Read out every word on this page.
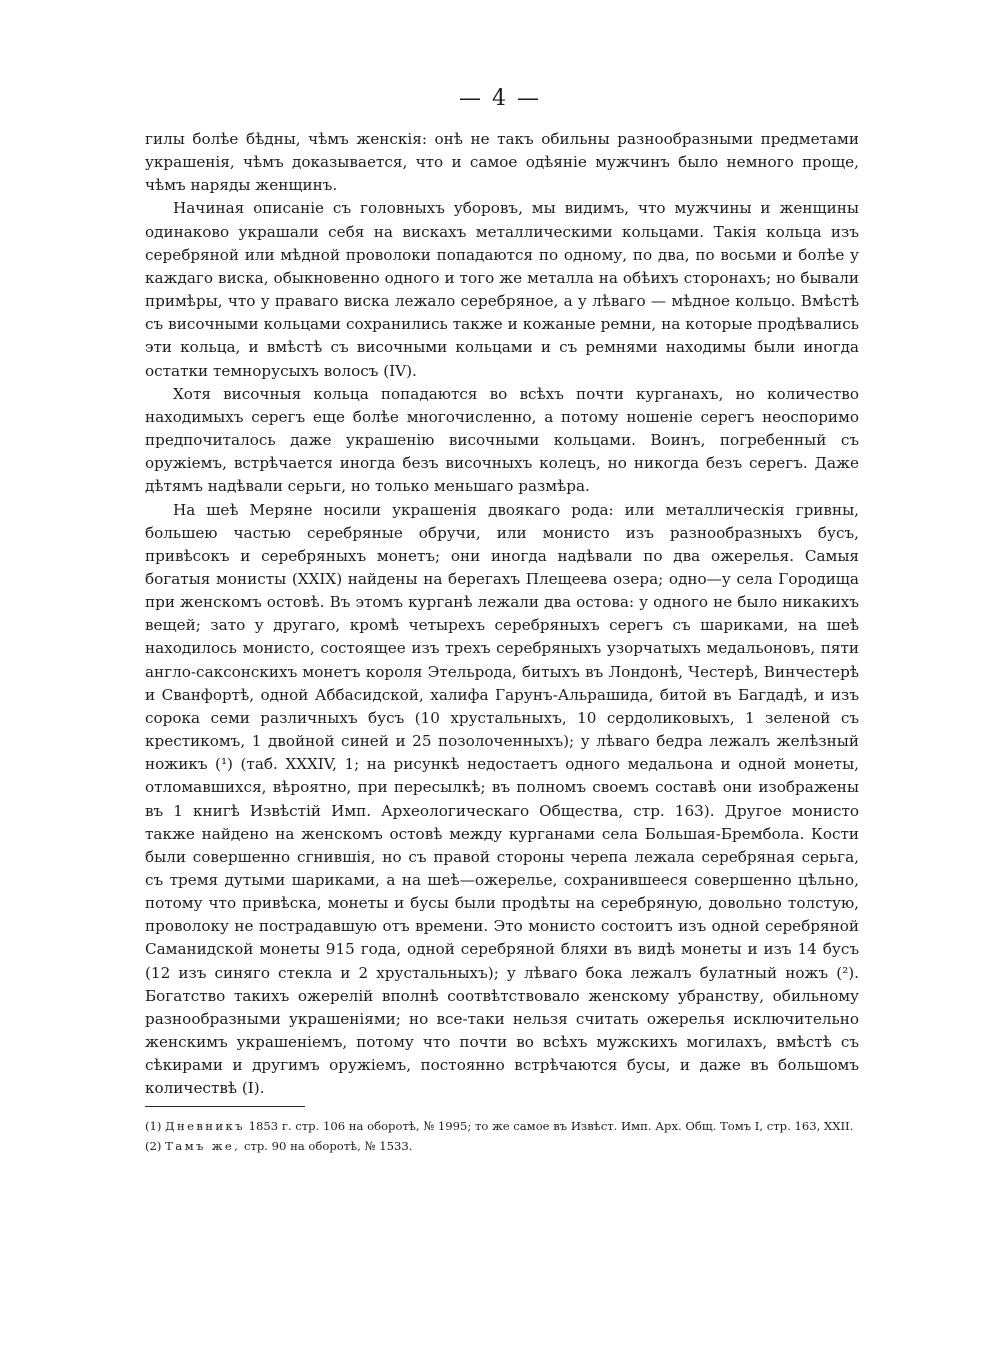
— 4 —

гилы болѣе бѣдны, чѣмъ женскія: онѣ не такъ обильны разнообразными предметами украшенія, чѣмъ доказывается, что и самое одѣяніе мужчинъ было немного проще, чѣмъ наряды женщинъ.

Начиная описаніе съ головныхъ уборовъ, мы видимъ, что мужчины и женщины одинаково украшали себя на вискахъ металлическими кольцами. Такія кольца изъ серебряной или мѣдной проволоки попадаются по одному, по два, по восьми и болѣе у каждаго виска, обыкновенно одного и того же металла на обѣихъ сторонахъ; но бывали примѣры, что у праваго виска лежало серебряное, а у лѣваго — мѣдное кольцо. Вмѣстѣ съ височными кольцами сохранились также и кожаные ремни, на которые продѣвались эти кольца, и вмѣстѣ съ височными кольцами и съ ремнями находимы были иногда остатки темнорусыхъ волосъ (IV).

Хотя височныя кольца попадаются во всѣхъ почти курганахъ, но количество находимыхъ серегъ еще болѣе многочисленно, а потому ношеніе серегъ неоспоримо предпочиталось даже украшенію височными кольцами. Воинъ, погребенный съ оружіемъ, встрѣчается иногда безъ височныхъ колецъ, но никогда безъ серегъ. Даже дѣтямъ надѣвали серьги, но только меньшаго размѣра.

На шеѣ Меряне носили украшенія двоякаго рода: или металлическія гривны, большею частью серебряные обручи, или монисто изъ разнообразныхъ бусъ, привѣсокъ и серебряныхъ монетъ; они иногда надѣвали по два ожерелья. Самыя богатыя монисты (XXIX) найдены на берегахъ Плещеева озера; одно—у села Городища при женскомъ остовѣ. Въ этомъ курганѣ лежали два остова: у одного не было никакихъ вещей; зато у другаго, кромѣ четырехъ серебряныхъ серегъ съ шариками, на шеѣ находилось монисто, состоящее изъ трехъ серебряныхъ узорчатыхъ медальоновъ, пяти англо-саксонскихъ монетъ короля Этельрода, битыхъ въ Лондонѣ, Честерѣ, Винчестерѣ и Сванфортѣ, одной Аббасидской, халифа Гарунъ-Альрашида, битой въ Багдадѣ, и изъ сорока семи различныхъ бусъ (10 хрустальныхъ, 10 сердоликовыхъ, 1 зеленой съ крестикомъ, 1 двойной синей и 25 позолоченныхъ); у лѣваго бедра лежалъ желѣзный ножикъ (¹) (таб. XXXIV, 1; на рисункѣ недостаетъ одного медальона и одной монеты, отломавшихся, вѣроятно, при пересылкѣ; въ полномъ своемъ составѣ они изображены въ 1 книгѣ Извѣстій Имп. Археологическаго Общества, стр. 163). Другое монисто также найдено на женскомъ остовѣ между курганами села Большая-Брембола. Кости были совершенно сгнившія, но съ правой стороны черепа лежала серебряная серьга, съ тремя дутыми шариками, а на шеѣ—ожерелье, сохранившееся совершенно цѣльно, потому что привѣска, монеты и бусы были продѣты на серебряную, довольно толстую, проволоку не пострадавшую отъ времени. Это монисто состоитъ изъ одной серебряной Саманидской монеты 915 года, одной серебряной бляхи въ видѣ монеты и изъ 14 бусъ (12 изъ синяго стекла и 2 хрустальныхъ); у лѣваго бока лежалъ булатный ножъ (²). Богатство такихъ ожерелій вполнѣ соотвѣтствовало женскому убранству, обильному разнообразными украшеніями; но все-таки нельзя считать ожерелья исключительно женскимъ украшеніемъ, потому что почти во всѣхъ мужскихъ могилахъ, вмѣстѣ съ сѣкирами и другимъ оружіемъ, постоянно встрѣчаются бусы, и даже въ большомъ количествѣ (I).

(1) Дневникъ 1853 г. стр. 106 на оборотѣ, № 1995; то же самое въ Извѣст. Имп. Арх. Общ. Томъ I, стр. 163, XXII.

(2) Тамъ же, стр. 90 на оборотѣ, № 1533.
